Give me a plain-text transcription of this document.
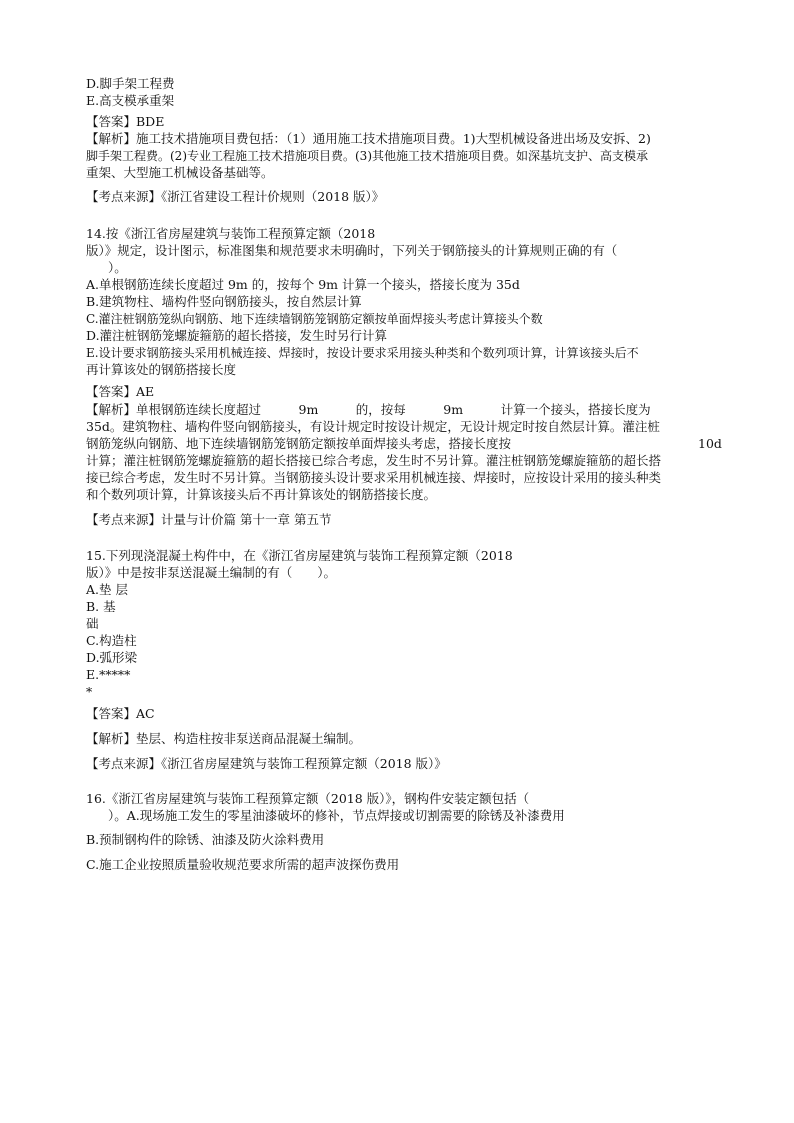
D.脚手架工程费
E.高支模承重架
【答案】BDE
【解析】施工技术措施项目费包括：（1）通用施工技术措施项目费。1)大型机械设备进出场及安拆、2)
脚手架工程费。(2)专业工程施工技术措施项目费。(3)其他施工技术措施项目费。如深基坑支护、高支模承
重架、大型施工机械设备基础等。
【考点来源】《浙江省建设工程计价规则（2018 版）》
14.按《浙江省房屋建筑与装饰工程预算定额（2018
版）》规定，设计图示，标准图集和规范要求未明确时，下列关于钢筋接头的计算规则正确的有（
）。
A.单根钢筋连续长度超过 9m 的，按每个 9m 计算一个接头，搭接长度为 35d
B.建筑物柱、墙构件竖向钢筋接头，按自然层计算
C.灌注桩钢筋笼纵向钢筋、地下连续墙钢筋笼钢筋定额按单面焊接头考虑计算接头个数
D.灌注桩钢筋笼螺旋箍筋的超长搭接，发生时另行计算
E.设计要求钢筋接头采用机械连接、焊接时，按设计要求采用接头种类和个数列项计算，计算该接头后不
再计算该处的钢筋搭接长度
【答案】AE
【解析】单根钢筋连续长度超过　　　9m　　　的，按每　　　9m　　　计算一个接头，搭接长度为
35d。建筑物柱、墙构件竖向钢筋接头，有设计规定时按设计规定，无设计规定时按自然层计算。灌注桩
钢筋笼纵向钢筋、地下连续墙钢筋笼钢筋定额按单面焊接头考虑，搭接长度按	10d
计算；灌注桩钢筋笼螺旋箍筋的超长搭接已综合考虑，发生时不另计算。灌注桩钢筋笼螺旋箍筋的超长搭
接已综合考虑，发生时不另计算。当钢筋接头设计要求采用机械连接、焊接时，应按设计采用的接头种类
和个数列项计算，计算该接头后不再计算该处的钢筋搭接长度。
【考点来源】计量与计价篇 第十一章 第五节
15.下列现浇混凝土构件中，在《浙江省房屋建筑与装饰工程预算定额（2018
版）》中是按非泵送混凝土编制的有（　　）。
A.垫 层
B. 基
础
C.构造柱
D.弧形梁
E.*****
*
【答案】AC
【解析】垫层、构造柱按非泵送商品混凝土编制。
【考点来源】《浙江省房屋建筑与装饰工程预算定额（2018 版）》
16.《浙江省房屋建筑与装饰工程预算定额（2018 版）》，钢构件安装定额包括（
）。A.现场施工发生的零星油漆破坏的修补，节点焊接或切割需要的除锈及补漆费用
B.预制钢构件的除锈、油漆及防火涂料费用
C.施工企业按照质量验收规范要求所需的超声波探伤费用
